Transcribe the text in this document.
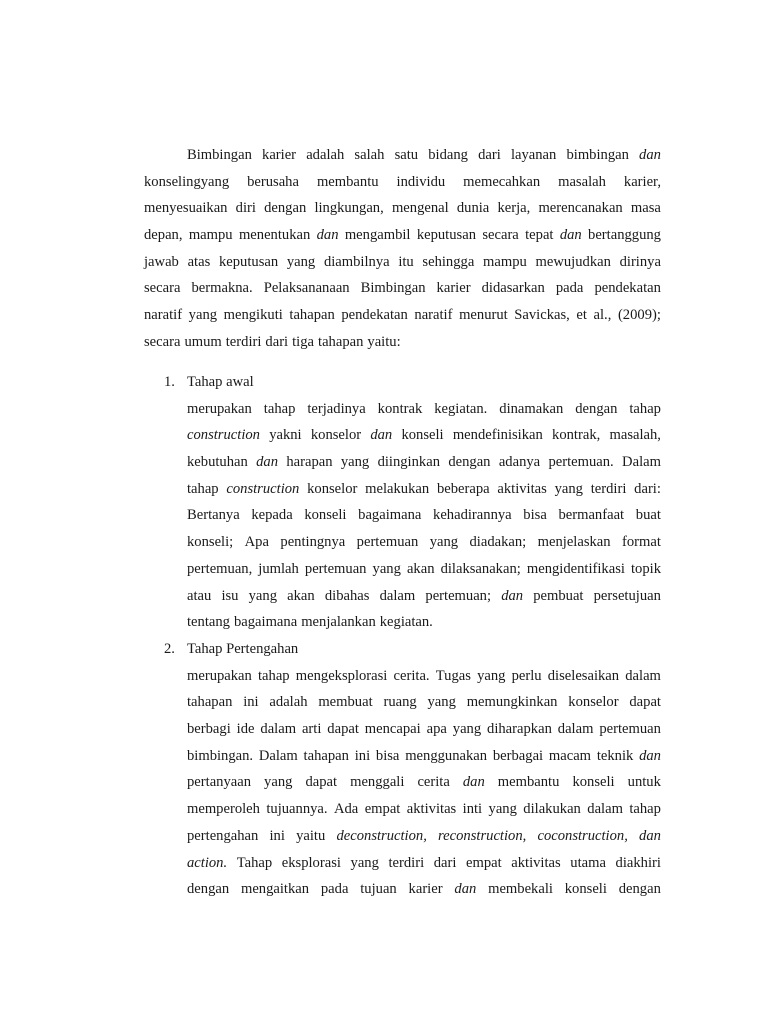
Bimbingan karier adalah salah satu bidang dari layanan bimbingan dan
konselingyang berusaha membantu individu memecahkan masalah karier,
menyesuaikan diri dengan lingkungan, mengenal dunia kerja, merencanakan masa
depan, mampu menentukan dan mengambil keputusan secara tepat dan bertanggung
jawab atas keputusan yang diambilnya itu sehingga mampu mewujudkan dirinya
secara bermakna. Pelaksananaan Bimbingan karier didasarkan pada pendekatan
naratif yang mengikuti tahapan pendekatan naratif menurut Savickas, et al., (2009);
secara umum terdiri dari tiga tahapan yaitu:
1. Tahap awal
merupakan tahap terjadinya kontrak kegiatan. dinamakan dengan tahap
construction yakni konselor dan konseli mendefinisikan kontrak, masalah,
kebutuhan dan harapan yang diinginkan dengan adanya pertemuan. Dalam
tahap construction konselor melakukan beberapa aktivitas yang terdiri dari:
Bertanya kepada konseli bagaimana kehadirannya bisa bermanfaat buat
konseli; Apa pentingnya pertemuan yang diadakan; menjelaskan format
pertemuan, jumlah pertemuan yang akan dilaksanakan; mengidentifikasi topik
atau isu yang akan dibahas dalam pertemuan; dan pembuat persetujuan
tentang bagaimana menjalankan kegiatan.
2. Tahap Pertengahan
merupakan tahap mengeksplorasi cerita. Tugas yang perlu diselesaikan dalam
tahapan ini adalah membuat ruang yang memungkinkan konselor dapat
berbagi ide dalam arti dapat mencapai apa yang diharapkan dalam pertemuan
bimbingan. Dalam tahapan ini bisa menggunakan berbagai macam teknik dan
pertanyaan yang dapat menggali cerita dan membantu konseli untuk
memperoleh tujuannya. Ada empat aktivitas inti yang dilakukan dalam tahap
pertengahan ini yaitu deconstruction, reconstruction, coconstruction, dan
action. Tahap eksplorasi yang terdiri dari empat aktivitas utama diakhiri
dengan mengaitkan pada tujuan karier dan membekali konseli dengan
